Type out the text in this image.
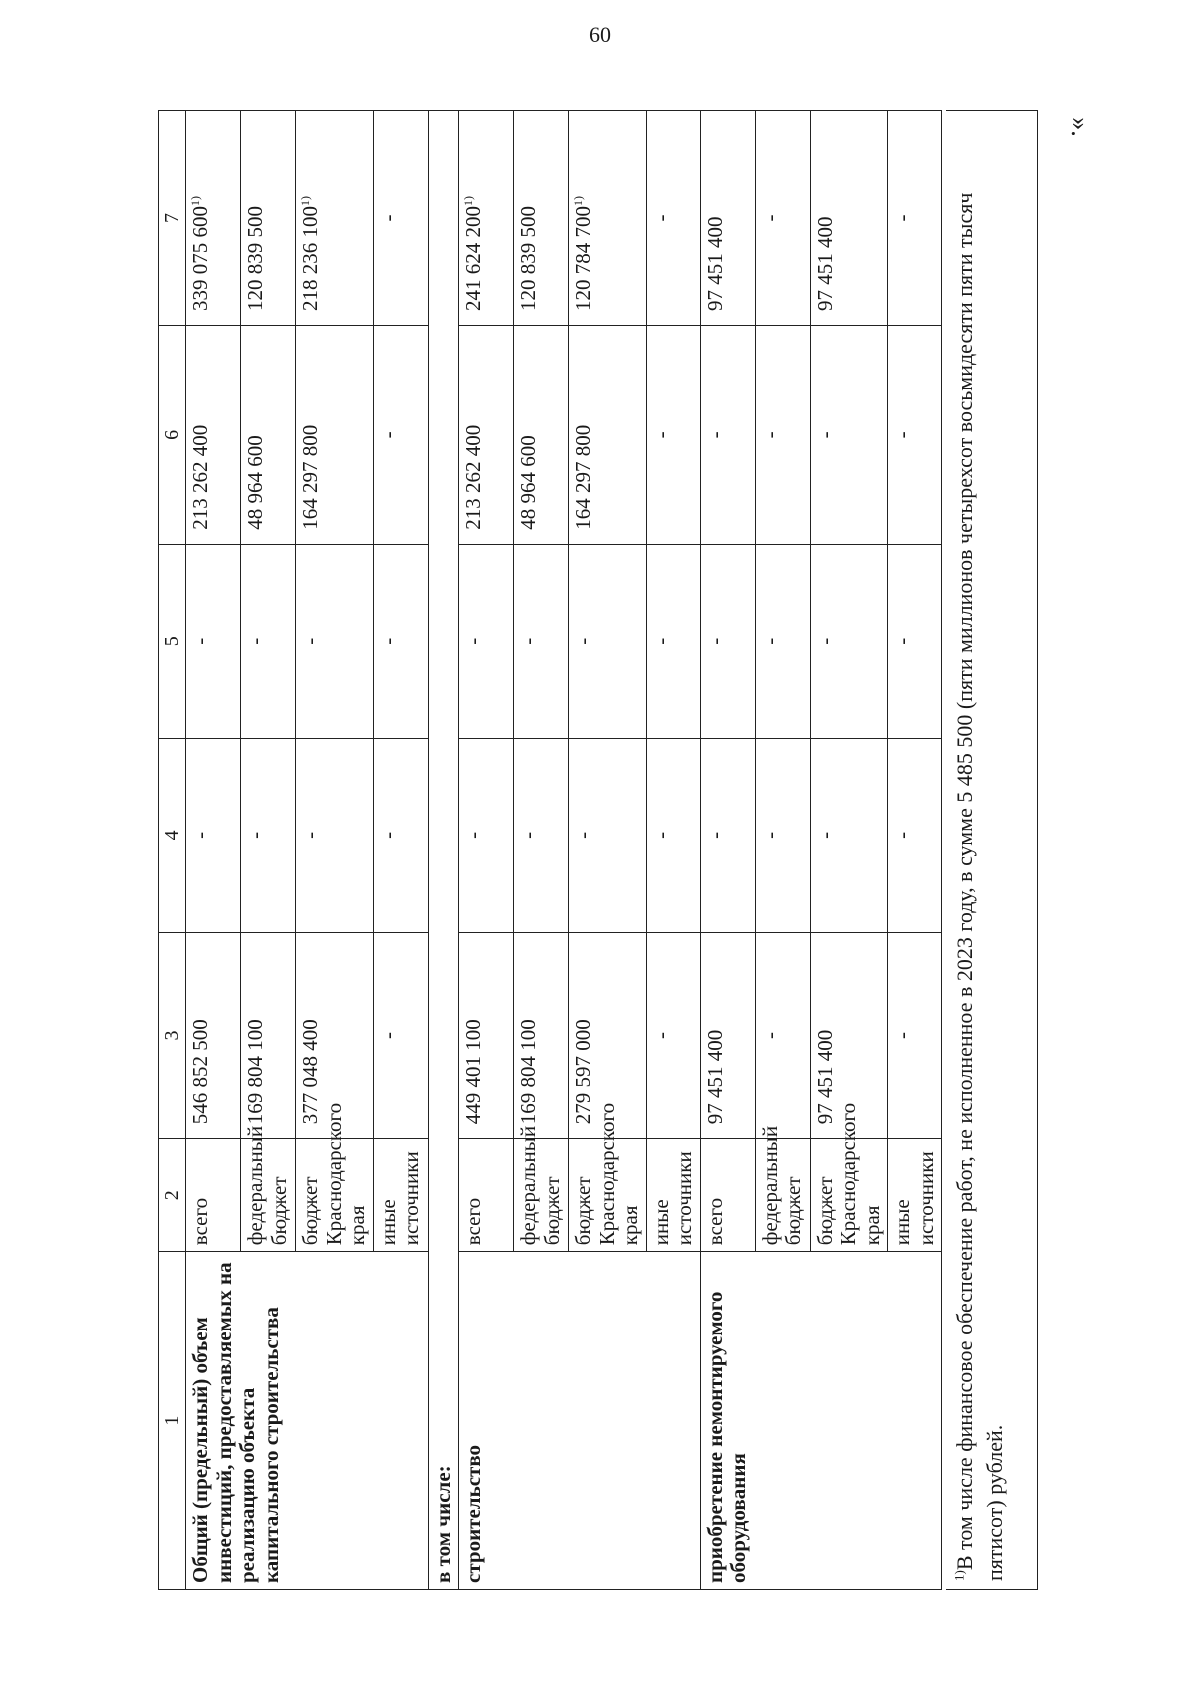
60
».
1	2	3	4	5	6	7
Общий (предельный) объем инвестиций, предоставляемых на реализацию объекта капитального строительства	всего	546 852 500	-	-	213 262 400	339 075 600$^{1)}$
	федеральный бюджет	169 804 100	-	-	48 964 600	120 839 500
	бюджет Краснодарского края	377 048 400	-	-	164 297 800	218 236 100$^{1)}$
	иные источники	-	-	-	-	-
в том числе:						
строительство	всего	449 401 100	-	-	213 262 400	241 624 200$^{1)}$
	федеральный бюджет	169 804 100	-	-	48 964 600	120 839 500
	бюджет Краснодарского края	279 597 000	-	-	164 297 800	120 784 700$^{1)}$
	иные источники	-	-	-	-	-
приобретение немонтируемого оборудования	всего	97 451 400	-	-	-	97 451 400
	федеральный бюджет	-	-	-	-	-
	бюджет Краснодарского края	97 451 400	-	-	-	97 451 400
	иные источники	-	-	-	-	-
$^{1)}$В том числе финансовое обеспечение работ, не исполненное в 2023 году, в сумме 5 485 500 (пяти миллионов четырехсот восьмидесяти пяти тысяч пятисот) рублей.
